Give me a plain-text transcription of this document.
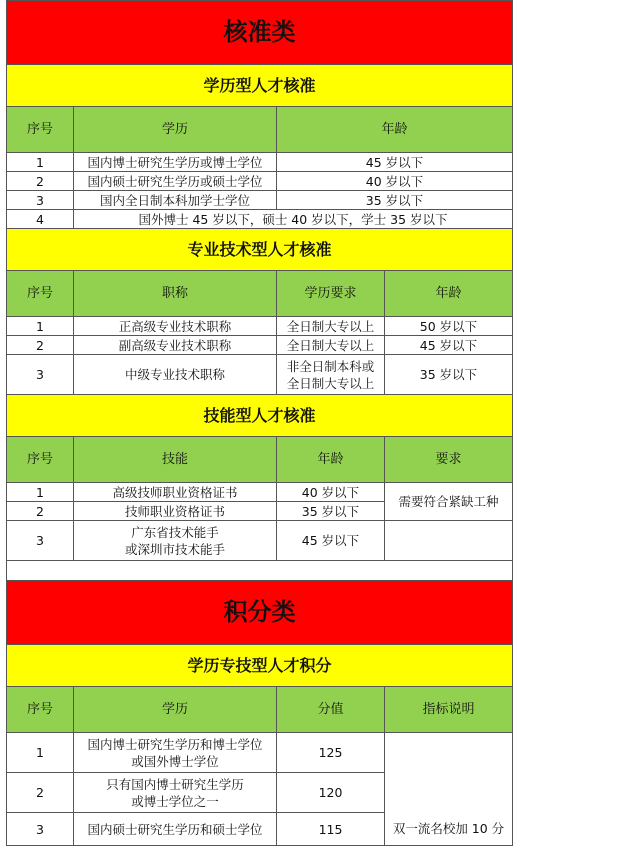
核准类			
学历型人才核准			
序号	学历	年龄	
1	国内博士研究生学历或博士学位	45 岁以下	
2	国内硕士研究生学历或硕士学位	40 岁以下	
3	国内全日制本科加学士学位	35 岁以下	
4	国外博士 45 岁以下，硕士 40 岁以下，学士 35 岁以下		
专业技术型人才核准			
序号	职称	学历要求	年龄
1	正高级专业技术职称	全日制大专以上	50 岁以下
2	副高级专业技术职称	全日制大专以上	45 岁以下
3	中级专业技术职称	非全日制本科或
全日制大专以上	35 岁以下
技能型人才核准			
序号	技能	年龄	要求
1	高级技师职业资格证书	40 岁以下	需要符合紧缺工种
2	技师职业资格证书	35 岁以下	
3	广东省技术能手
或深圳市技术能手	45 岁以下	

积分类			
学历专技型人才积分			
序号	学历	分值	指标说明
1	国内博士研究生学历和博士学位
或国外博士学位	125	双一流名校加 10 分
2	只有国内博士研究生学历
或博士学位之一	120	
3	国内硕士研究生学历和硕士学位	115	
